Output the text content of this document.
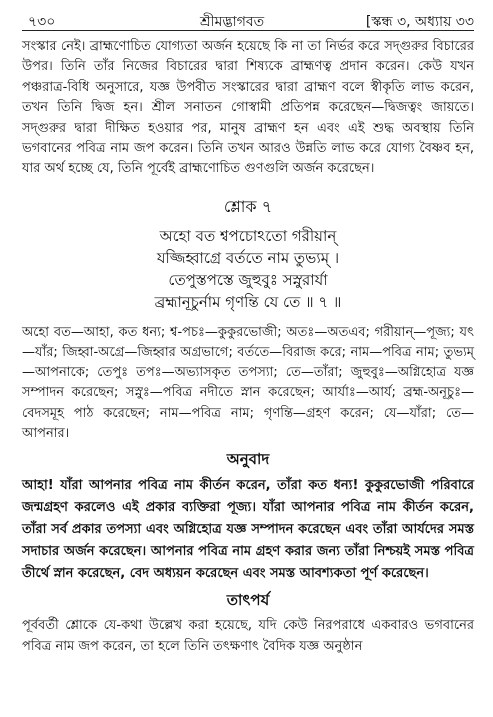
৭৩০	শ্রীমদ্ভাগবত	[স্কন্ধ ৩, অধ্যায় ৩৩

সংস্কার নেই। ব্রাহ্মণোচিত যোগ্যতা অর্জন হয়েছে কি না তা নির্ভর করে সদ্গুরুর বিচারের উপর। তিনি তাঁর নিজের বিচারের দ্বারা শিষ্যকে ব্রাহ্মণত্ব প্রদান করেন। কেউ যখন পঞ্চরাত্র-বিধি অনুসারে, যজ্ঞ উপবীত সংস্কারের দ্বারা ব্রাহ্মণ বলে স্বীকৃতি লাভ করেন, তখন তিনি দ্বিজ হন। শ্রীল সনাতন গোস্বামী প্রতিপন্ন করেছেন—দ্বিজত্বং জায়তে। সদ্গুরুর দ্বারা দীক্ষিত হওয়ার পর, মানুষ ব্রাহ্মণ হন এবং এই শুদ্ধ অবস্থায় তিনি ভগবানের পবিত্র নাম জপ করেন। তিনি তখন আরও উন্নতি লাভ করে যোগ্য বৈষ্ণব হন, যার অর্থ হচ্ছে যে, তিনি পূর্বেই ব্রাহ্মণোচিত গুণগুলি অর্জন করেছেন।

শ্লোক ৭
অহো বত শ্বপচোঽতো গরীয়ান্
যজ্জিহ্বাগ্রে বর্ততে নাম তুভ্যম্ ।
তেপুস্তপস্তে জুহুবুঃ সস্নুরার্যা
ব্রহ্মানূচুর্নাম গৃণন্তি যে তে ॥ ৭ ॥

অহো বত—আহা, কত ধন্য; শ্ব-পচঃ—কুকুরভোজী; অতঃ—অতএব; গরীয়ান্—পূজ্য; যৎ—যাঁর; জিহ্বা-অগ্রে—জিহ্বার অগ্রভাগে; বর্ততে—বিরাজ করে; নাম—পবিত্র নাম; তুভ্যম্—আপনাকে; তেপুঃ তপঃ—অভ্যাসকৃত তপস্যা; তে—তাঁরা; জুহুবুঃ—অগ্নিহোত্র যজ্ঞ সম্পাদন করেছেন; সস্নুঃ—পবিত্র নদীতে স্নান করেছেন; আর্যাঃ—আর্য; ব্রহ্ম-অনূচুঃ—বেদসমূহ পাঠ করেছেন; নাম—পবিত্র নাম; গৃণন্তি—গ্রহণ করেন; যে—যাঁরা; তে—আপনার।

অনুবাদ

আহা! যাঁরা আপনার পবিত্র নাম কীর্তন করেন, তাঁরা কত ধন্য! কুকুরভোজী পরিবারে জন্মগ্রহণ করলেও এই প্রকার ব্যক্তিরা পূজ্য। যাঁরা আপনার পবিত্র নাম কীর্তন করেন, তাঁরা সর্ব প্রকার তপস্যা এবং অগ্নিহোত্র যজ্ঞ সম্পাদন করেছেন এবং তাঁরা আর্যদের সমস্ত সদাচার অর্জন করেছেন। আপনার পবিত্র নাম গ্রহণ করার জন্য তাঁরা নিশ্চয়ই সমস্ত পবিত্র তীর্থে স্নান করেছেন, বেদ অধ্যয়ন করেছেন এবং সমস্ত আবশ্যকতা পূর্ণ করেছেন।

তাৎপর্য

পূর্ববর্তী শ্লোকে যে-কথা উল্লেখ করা হয়েছে, যদি কেউ নিরপরাধে একবারও ভগবানের পবিত্র নাম জপ করেন, তা হলে তিনি তৎক্ষণাৎ বৈদিক যজ্ঞ অনুষ্ঠান
